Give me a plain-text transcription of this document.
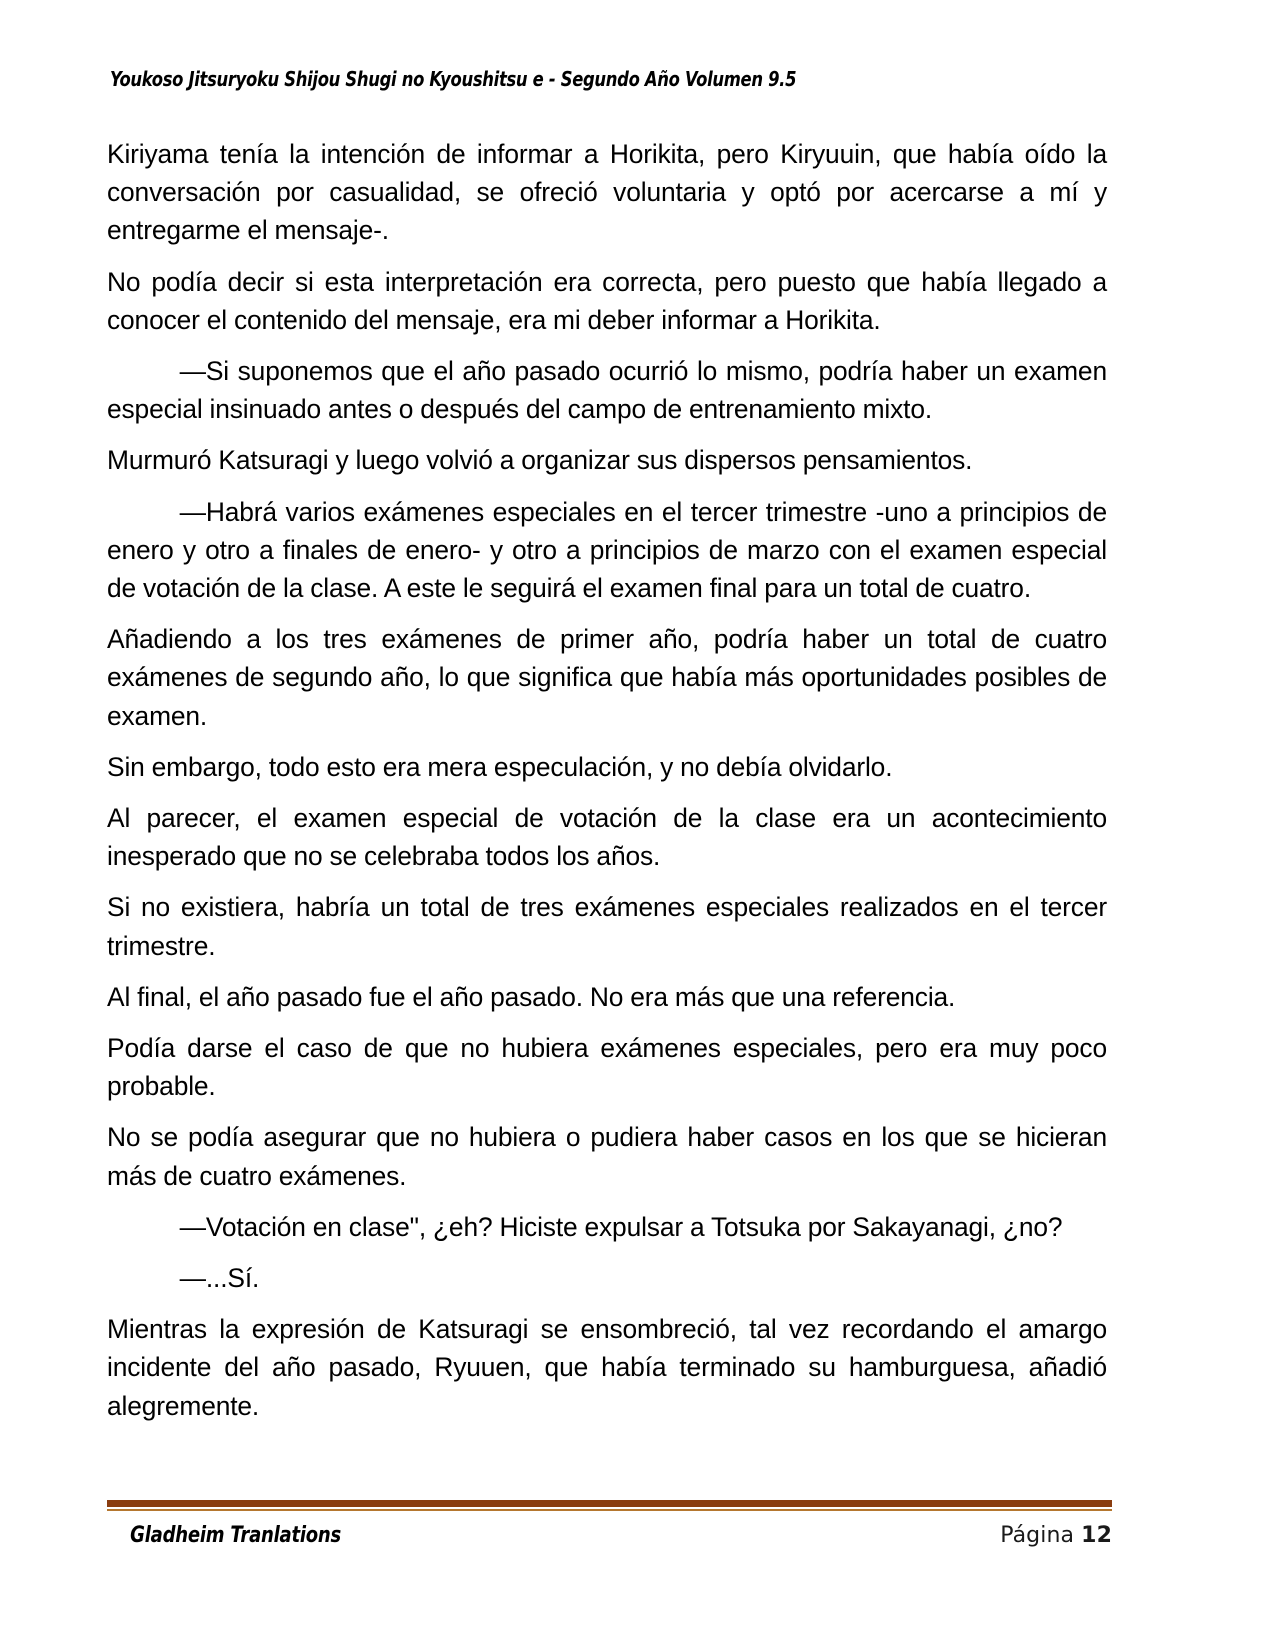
Youkoso Jitsuryoku Shijou Shugi no Kyoushitsu e - Segundo Año Volumen 9.5

Kiriyama tenía la intención de informar a Horikita, pero Kiryuuin, que había oído la conversación por casualidad, se ofreció voluntaria y optó por acercarse a mí y entregarme el mensaje-.

No podía decir si esta interpretación era correcta, pero puesto que había llegado a conocer el contenido del mensaje, era mi deber informar a Horikita.

—Si suponemos que el año pasado ocurrió lo mismo, podría haber un examen especial insinuado antes o después del campo de entrenamiento mixto.

Murmuró Katsuragi y luego volvió a organizar sus dispersos pensamientos.

—Habrá varios exámenes especiales en el tercer trimestre -uno a principios de enero y otro a finales de enero- y otro a principios de marzo con el examen especial de votación de la clase. A este le seguirá el examen final para un total de cuatro.

Añadiendo a los tres exámenes de primer año, podría haber un total de cuatro exámenes de segundo año, lo que significa que había más oportunidades posibles de examen.

Sin embargo, todo esto era mera especulación, y no debía olvidarlo.

Al parecer, el examen especial de votación de la clase era un acontecimiento inesperado que no se celebraba todos los años.

Si no existiera, habría un total de tres exámenes especiales realizados en el tercer trimestre.

Al final, el año pasado fue el año pasado. No era más que una referencia.

Podía darse el caso de que no hubiera exámenes especiales, pero era muy poco probable.

No se podía asegurar que no hubiera o pudiera haber casos en los que se hicieran más de cuatro exámenes.

—Votación en clase", ¿eh? Hiciste expulsar a Totsuka por Sakayanagi, ¿no?

—...Sí.

Mientras la expresión de Katsuragi se ensombreció, tal vez recordando el amargo incidente del año pasado, Ryuuen, que había terminado su hamburguesa, añadió alegremente.

Gladheim Tranlations	Página 12
